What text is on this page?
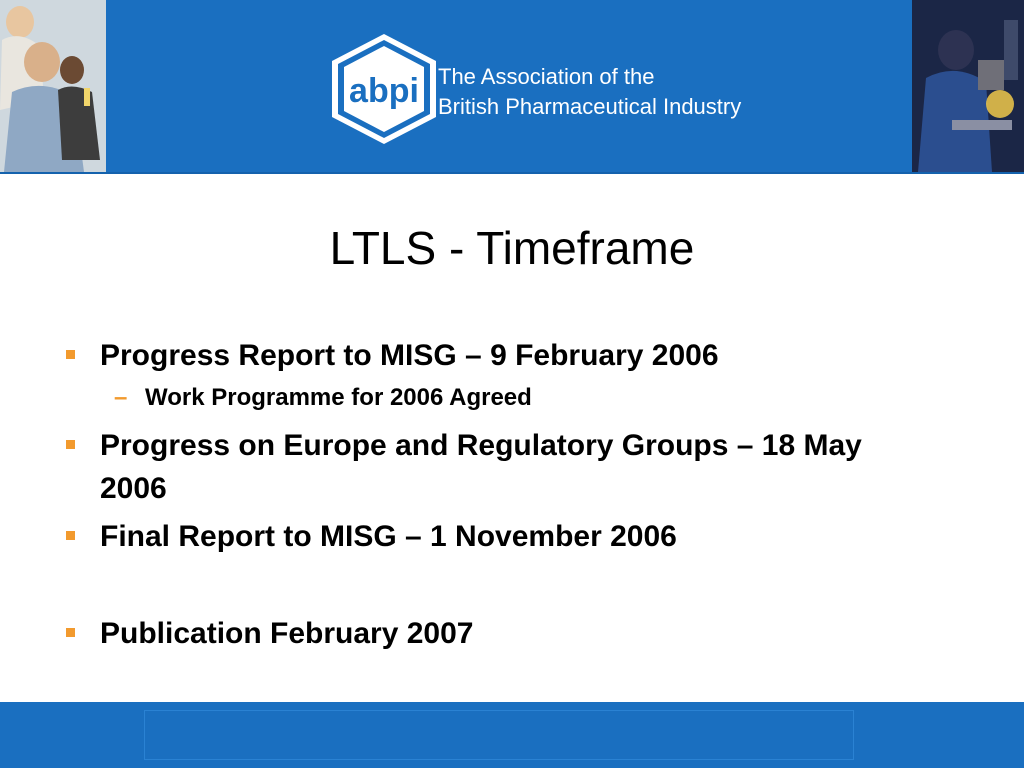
abpi The Association of the
British Pharmaceutical Industry
LTLS - Timeframe
Progress Report to MISG – 9 February 2006
– Work Programme for 2006 Agreed
Progress on Europe and Regulatory Groups – 18 May 2006
Final Report to MISG – 1 November 2006
Publication February 2007
